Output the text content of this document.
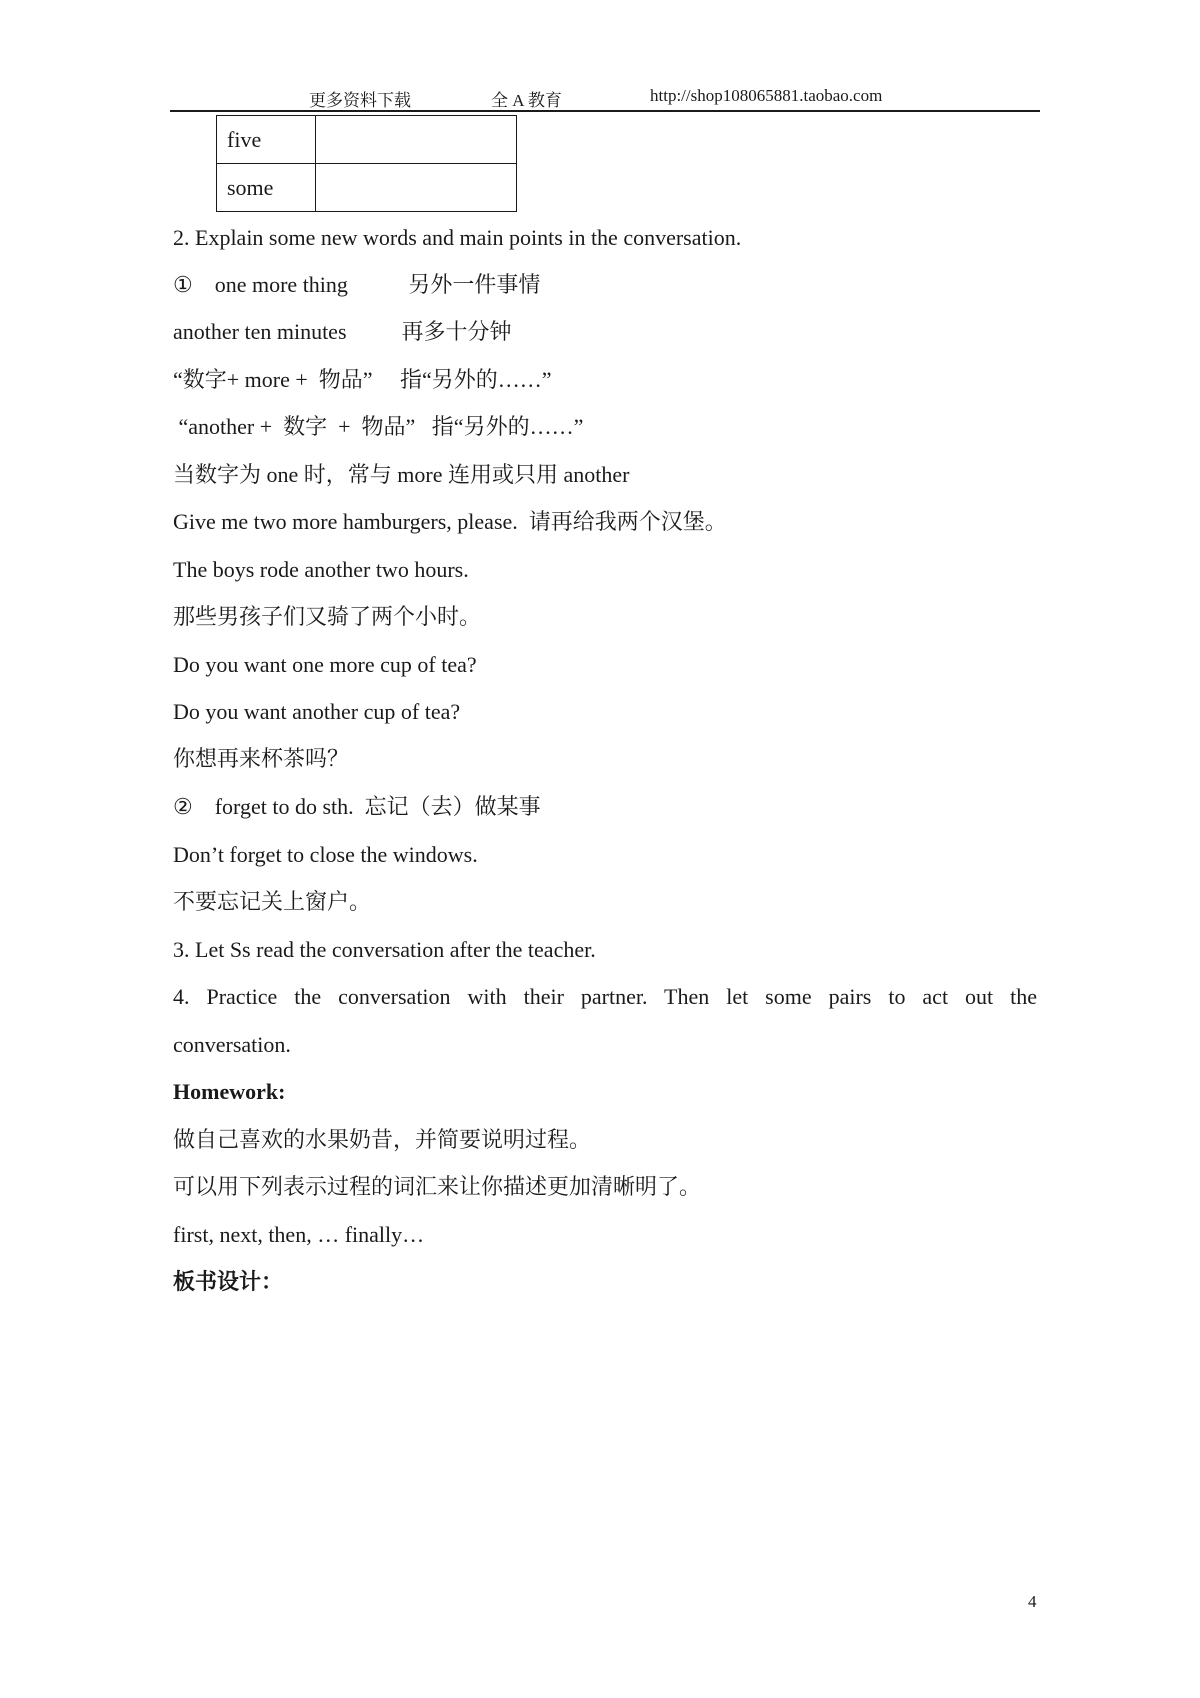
更多资料下载	全 A 教育	http://shop108065881.taobao.com
five	
some	
2. Explain some new words and main points in the conversation.
①    one more thing           另外一件事情
another ten minutes          再多十分钟
“数字+ more +  物品”     指“另外的……”
“another +  数字  +  物品”   指“另外的……”
当数字为 one 时，常与 more 连用或只用 another
Give me two more hamburgers, please.  请再给我两个汉堡。
The boys rode another two hours.
那些男孩子们又骑了两个小时。
Do you want one more cup of tea?
Do you want another cup of tea?
你想再来杯茶吗？
②    forget to do sth.  忘记（去）做某事
Don’t forget to close the windows.
不要忘记关上窗户。
3. Let Ss read the conversation after the teacher.
4. Practice the conversation with their partner. Then let some pairs to act out the
conversation.
Homework:
做自己喜欢的水果奶昔，并简要说明过程。
可以用下列表示过程的词汇来让你描述更加清晰明了。
first, next, then, … finally…
板书设计：
4
